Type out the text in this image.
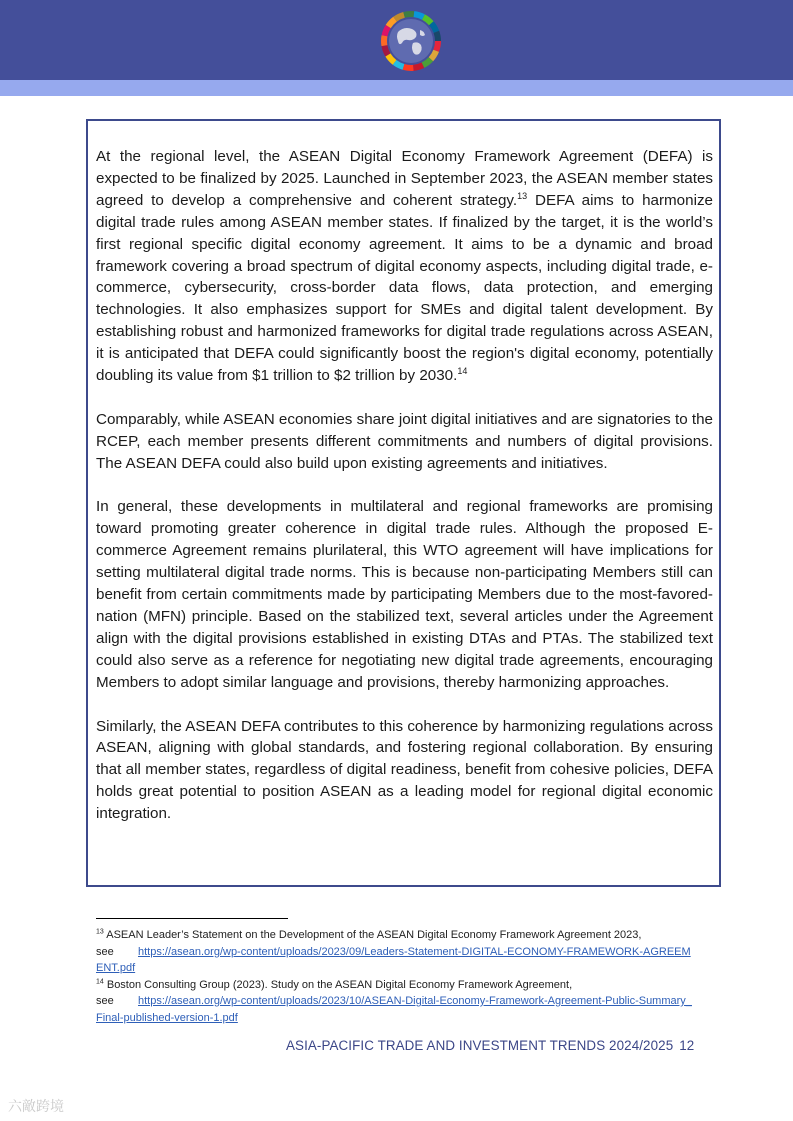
At the regional level, the ASEAN Digital Economy Framework Agreement (DEFA) is expected to be finalized by 2025. Launched in September 2023, the ASEAN member states agreed to develop a comprehensive and coherent strategy.$^{13}$ DEFA aims to harmonize digital trade rules among ASEAN member states. If finalized by the target, it is the world’s first regional specific digital economy agreement. It aims to be a dynamic and broad framework covering a broad spectrum of digital economy aspects, including digital trade, e-commerce, cybersecurity, cross-border data flows, data protection, and emerging technologies. It also emphasizes support for SMEs and digital talent development. By establishing robust and harmonized frameworks for digital trade regulations across ASEAN, it is anticipated that DEFA could significantly boost the region's digital economy, potentially doubling its value from $1 trillion to $2 trillion by 2030.14

Comparably, while ASEAN economies share joint digital initiatives and are signatories to the RCEP, each member presents different commitments and numbers of digital provisions. The ASEAN DEFA could also build upon existing agreements and initiatives.

In general, these developments in multilateral and regional frameworks are promising toward promoting greater coherence in digital trade rules. Although the proposed E-commerce Agreement remains plurilateral, this WTO agreement will have implications for setting multilateral digital trade norms. This is because non-participating Members still can benefit from certain commitments made by participating Members due to the most-favored-nation (MFN) principle. Based on the stabilized text, several articles under the Agreement align with the digital provisions established in existing DTAs and PTAs. The stabilized text could also serve as a reference for negotiating new digital trade agreements, encouraging Members to adopt similar language and provisions, thereby harmonizing approaches.

Similarly, the ASEAN DEFA contributes to this coherence by harmonizing regulations across ASEAN, aligning with global standards, and fostering regional collaboration. By ensuring that all member states, regardless of digital readiness, benefit from cohesive policies, DEFA holds great potential to position ASEAN as a leading model for regional digital economic integration.

$^{13}$ ASEAN Leader’s Statement on the Development of the ASEAN Digital Economy Framework Agreement 2023,
see https://asean.org/wp-content/uploads/2023/09/Leaders-Statement-DIGITAL-ECONOMY-FRAMEWORK-AGREEMENT.pdf
$^{14}$ Boston Consulting Group (2023). Study on the ASEAN Digital Economy Framework Agreement,
see https://asean.org/wp-content/uploads/2023/10/ASEAN-Digital-Economy-Framework-Agreement-Public-Summary_Final-published-version-1.pdf
ASIA-PACIFIC TRADE AND INVESTMENT TRENDS 2024/2025 12
六敵跨境
